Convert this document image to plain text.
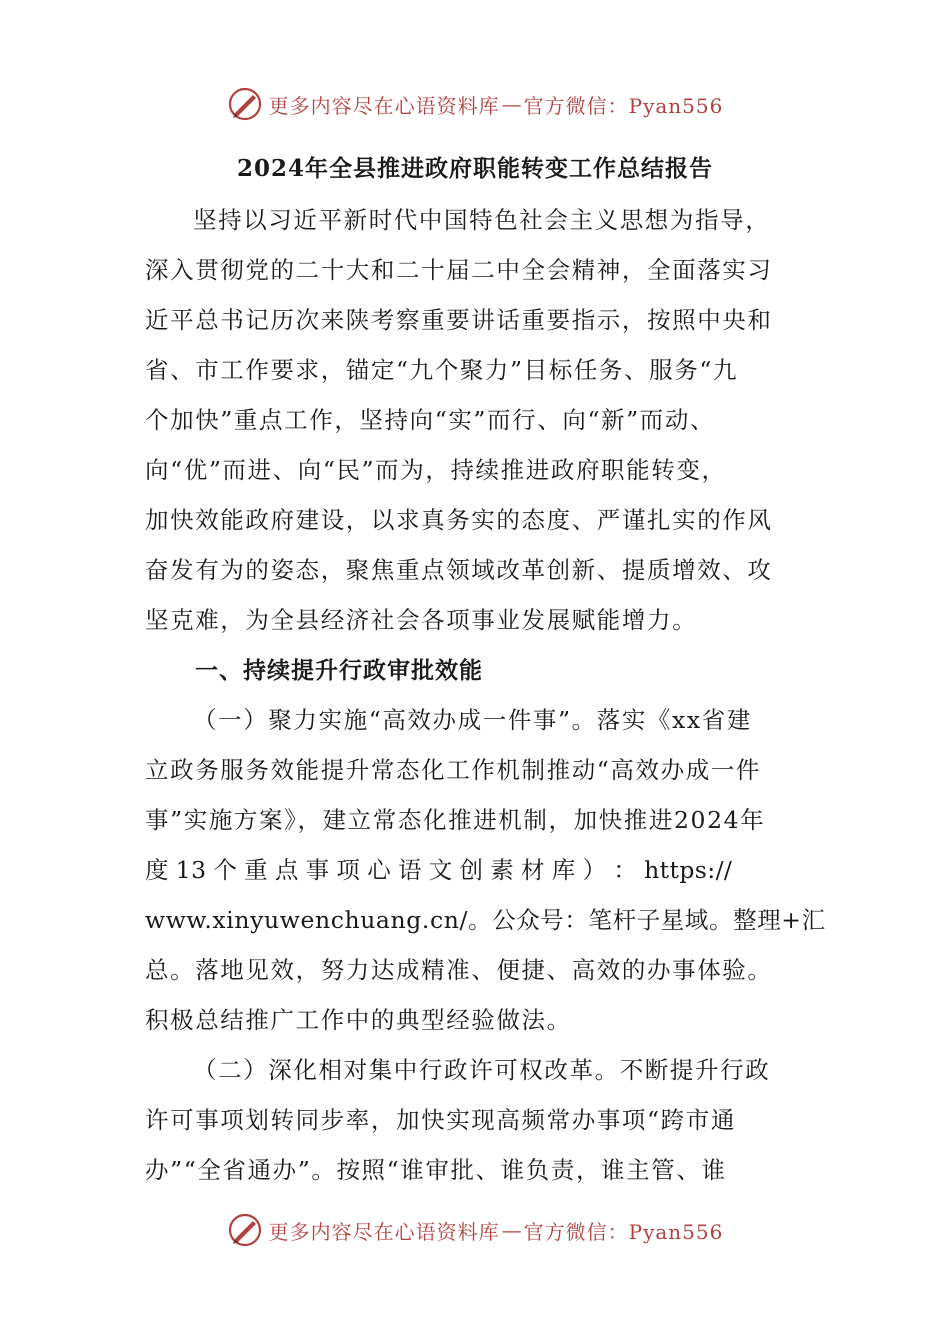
更多内容尽在心语资料库 — 官方微信：Pyan556
2024年全县推进政府职能转变工作总结报告
坚持以习近平新时代中国特色社会主义思想为指导，
深入贯彻党的二十大和二十届二中全会精神，全面落实习
近平总书记历次来陕考察重要讲话重要指示，按照中央和
省、市工作要求，锚定“九个聚力”目标任务、服务“九
个加快”重点工作，坚持向“实”而行、向“新”而动、
向“优”而进、向“民”而为，持续推进政府职能转变，
加快效能政府建设，以求真务实的态度、严谨扎实的作风
奋发有为的姿态，聚焦重点领域改革创新、提质增效、攻
坚克难，为全县经济社会各项事业发展赋能增力。
一、持续提升行政审批效能
（一）聚力实施“高效办成一件事”。落实《xx省建
立政务服务效能提升常态化工作机制推动“高效办成一件
事”实施方案》，建立常态化推进机制，加快推进2024年
度 13 个 重 点 事 项 心 语 文 创 素 材 库 ） ： https://
www.xinyuwenchuang.cn/。公众号：笔杆子星域。整理+汇
总。落地见效，努力达成精准、便捷、高效的办事体验。
积极总结推广工作中的典型经验做法。
（二）深化相对集中行政许可权改革。不断提升行政
许可事项划转同步率，加快实现高频常办事项“跨市通
办”“全省通办”。按照“谁审批、谁负责，谁主管、谁
更多内容尽在心语资料库 — 官方微信：Pyan556
